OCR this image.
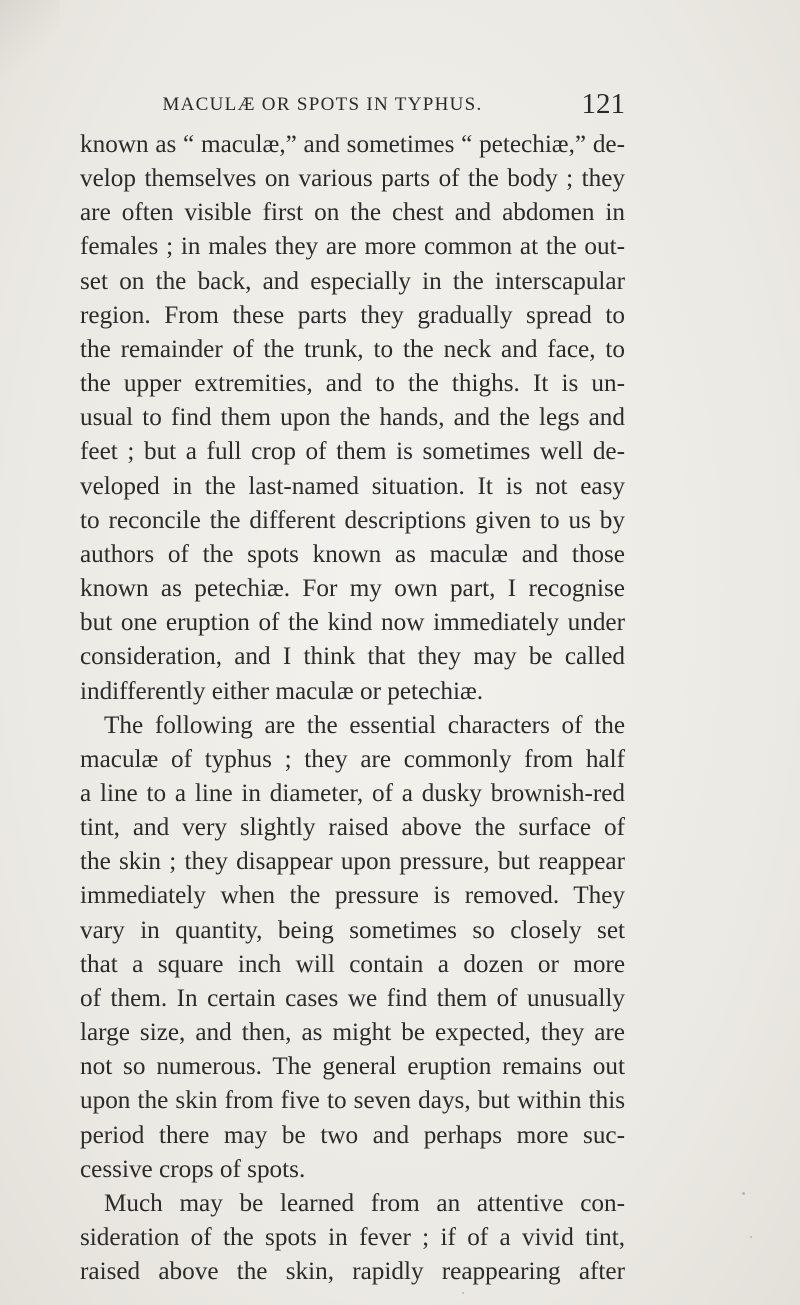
MACULÆ OR SPOTS IN TYPHUS.	121
known as “ maculæ,” and sometimes “ petechiæ,” de-
velop themselves on various parts of the body ; they
are often visible first on the chest and abdomen in
females ; in males they are more common at the out-
set on the back, and especially in the interscapular
region. From these parts they gradually spread to
the remainder of the trunk, to the neck and face, to
the upper extremities, and to the thighs. It is un-
usual to find them upon the hands, and the legs and
feet ; but a full crop of them is sometimes well de-
veloped in the last-named situation. It is not easy
to reconcile the different descriptions given to us by
authors of the spots known as maculæ and those
known as petechiæ. For my own part, I recognise
but one eruption of the kind now immediately under
consideration, and I think that they may be called
indifferently either maculæ or petechiæ.
The following are the essential characters of the
maculæ of typhus ; they are commonly from half
a line to a line in diameter, of a dusky brownish-red
tint, and very slightly raised above the surface of
the skin ; they disappear upon pressure, but reappear
immediately when the pressure is removed. They
vary in quantity, being sometimes so closely set
that a square inch will contain a dozen or more
of them. In certain cases we find them of unusually
large size, and then, as might be expected, they are
not so numerous. The general eruption remains out
upon the skin from five to seven days, but within this
period there may be two and perhaps more suc-
cessive crops of spots.
Much may be learned from an attentive con-
sideration of the spots in fever ; if of a vivid tint,
raised above the skin, rapidly reappearing after
